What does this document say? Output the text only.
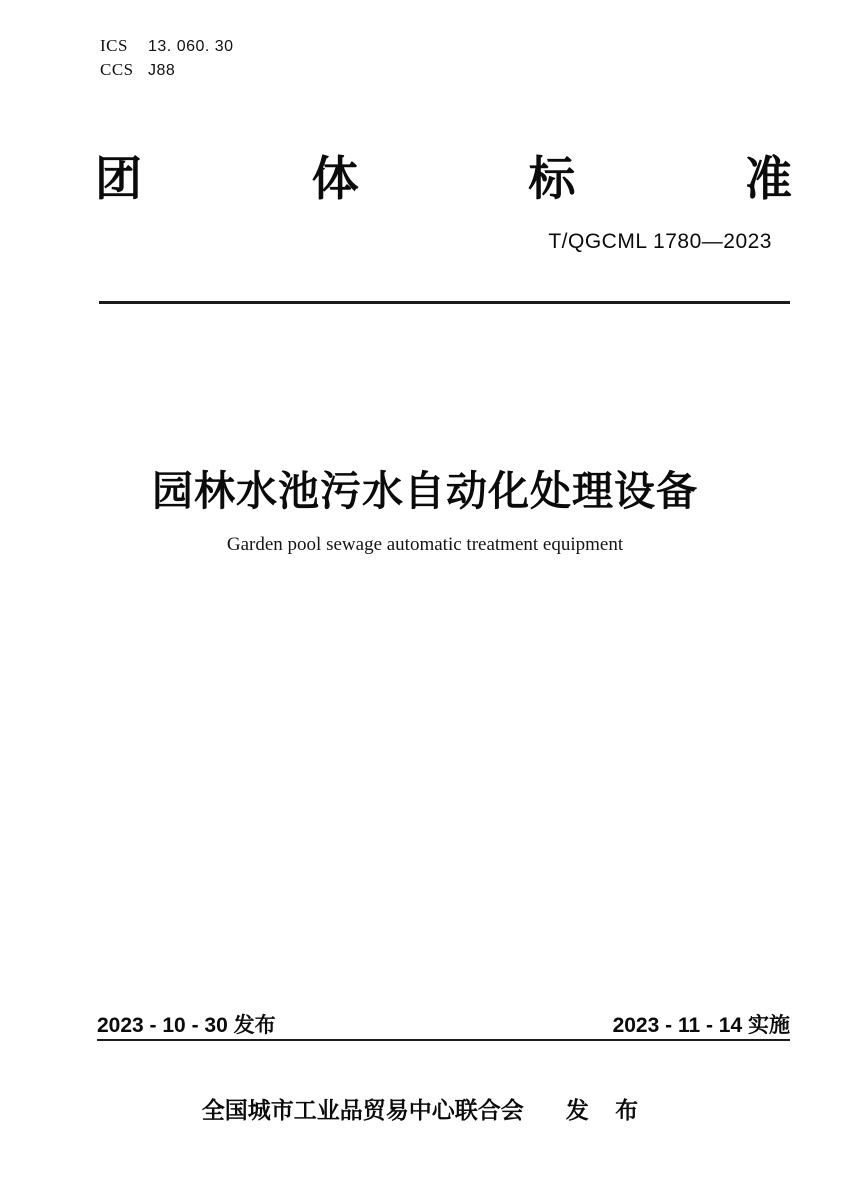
ICS	13. 060. 30
CCS J88
团	体	标	准
T/QGCML 1780—2023
园林水池污水自动化处理设备
Garden pool sewage automatic treatment equipment
2023 - 10 - 30 发布	2023 - 11 - 14 实施
全国城市工业品贸易中心联合会 发 布
